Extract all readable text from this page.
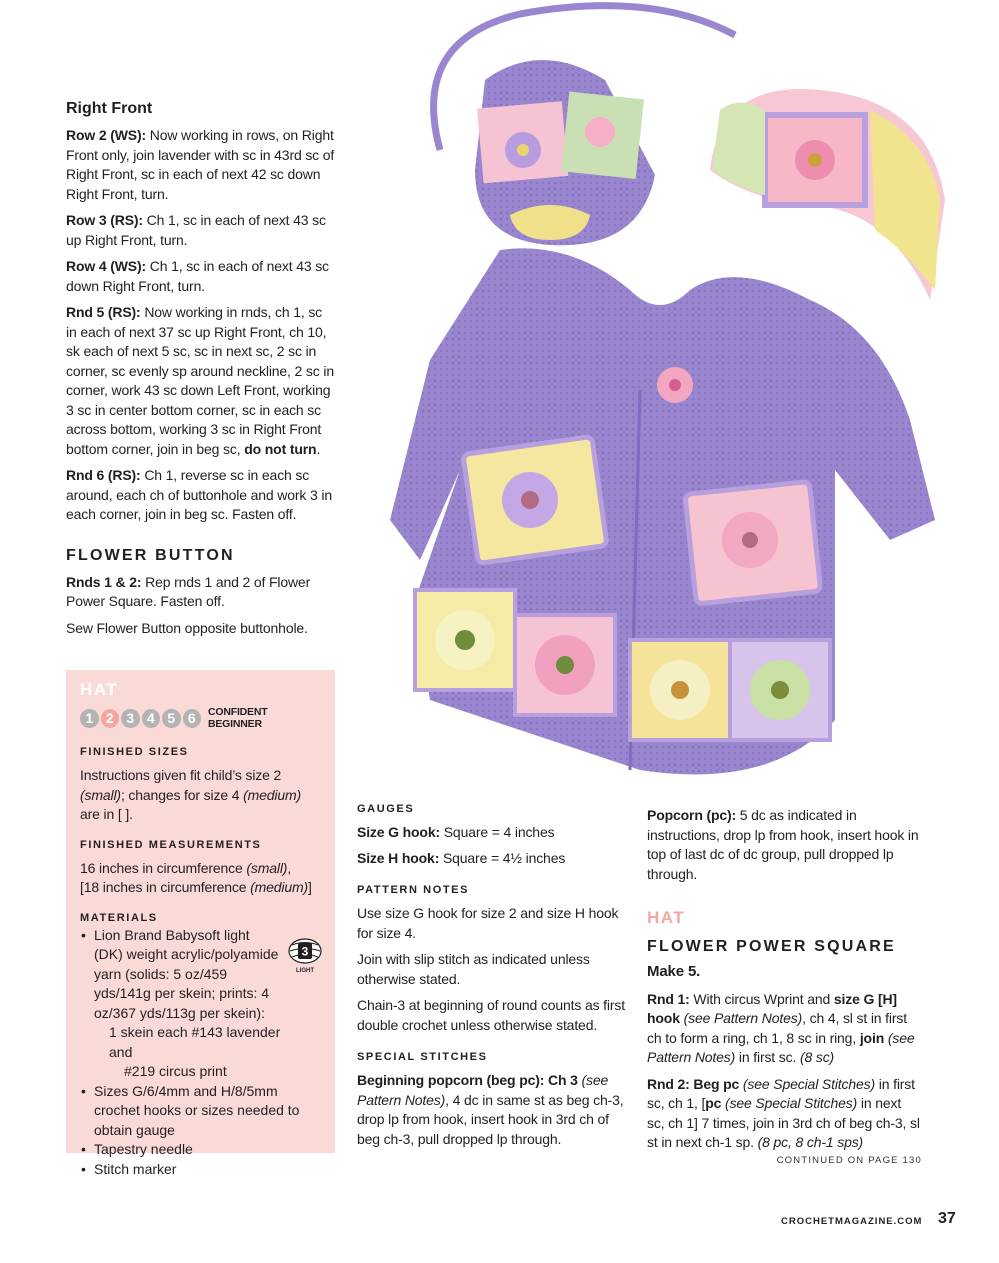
Right Front

Row 2 (WS): Now working in rows, on Right Front only, join lavender with sc in 43rd sc of Right Front, sc in each of next 42 sc down Right Front, turn.

Row 3 (RS): Ch 1, sc in each of next 43 sc up Right Front, turn.

Row 4 (WS): Ch 1, sc in each of next 43 sc down Right Front, turn.

Rnd 5 (RS): Now working in rnds, ch 1, sc in each of next 37 sc up Right Front, ch 10, sk each of next 5 sc, sc in next sc, 2 sc in corner, sc evenly sp around neckline, 2 sc in corner, work 43 sc down Left Front, working 3 sc in center bottom corner, sc in each sc across bottom, working 3 sc in Right Front bottom corner, join in beg sc, do not turn.

Rnd 6 (RS): Ch 1, reverse sc in each sc around, each ch of buttonhole and work 3 in each corner, join in beg sc. Fasten off.

FLOWER BUTTON

Rnds 1 & 2: Rep rnds 1 and 2 of Flower Power Square. Fasten off.

Sew Flower Button opposite buttonhole.

HAT
1 2 3 4 5 6	CONFIDENT BEGINNER
FINISHED SIZES

Instructions given fit child’s size 2 (small); changes for size 4 (medium) are in [ ].

FINISHED MEASUREMENTS

16 inches in circumference (small),
[18 inches in circumference (medium)]

MATERIALS
• Lion Brand Babysoft light (DK) weight acrylic/polyamide yarn (solids: 5 oz/459 yds/141g per skein; prints: 4 oz/367 yds/113g per skein):
1 skein each #143 lavender and
#219 circus print
• Sizes G/6/4mm and H/8/5mm crochet hooks or sizes needed to obtain gauge
• Tapestry needle
• Stitch marker
3
LIGHT
GAUGES

Size G hook: Square = 4 inches

Size H hook: Square = 4½ inches

PATTERN NOTES

Use size G hook for size 2 and size H hook for size 4.

Join with slip stitch as indicated unless otherwise stated.

Chain-3 at beginning of round counts as first double crochet unless otherwise stated.

SPECIAL STITCHES

Beginning popcorn (beg pc): Ch 3 (see Pattern Notes), 4 dc in same st as beg ch-3, drop lp from hook, insert hook in 3rd ch of beg ch-3, pull dropped lp through.

Popcorn (pc): 5 dc as indicated in instructions, drop lp from hook, insert hook in top of last dc of dc group, pull dropped lp through.

HAT
FLOWER POWER SQUARE

Make 5.

Rnd 1: With circus Wprint and size G [H] hook (see Pattern Notes), ch 4, sl st in first ch to form a ring, ch 1, 8 sc in ring, join (see Pattern Notes) in first sc. (8 sc)

Rnd 2: Beg pc (see Special Stitches) in first sc, ch 1, [pc (see Special Stitches) in next sc, ch 1] 7 times, join in 3rd ch of beg ch-3, sl st in next ch-1 sp. (8 pc, 8 ch-1 sps)

CONTINUED ON PAGE 130
CROCHETMAGAZINE.COM 37
